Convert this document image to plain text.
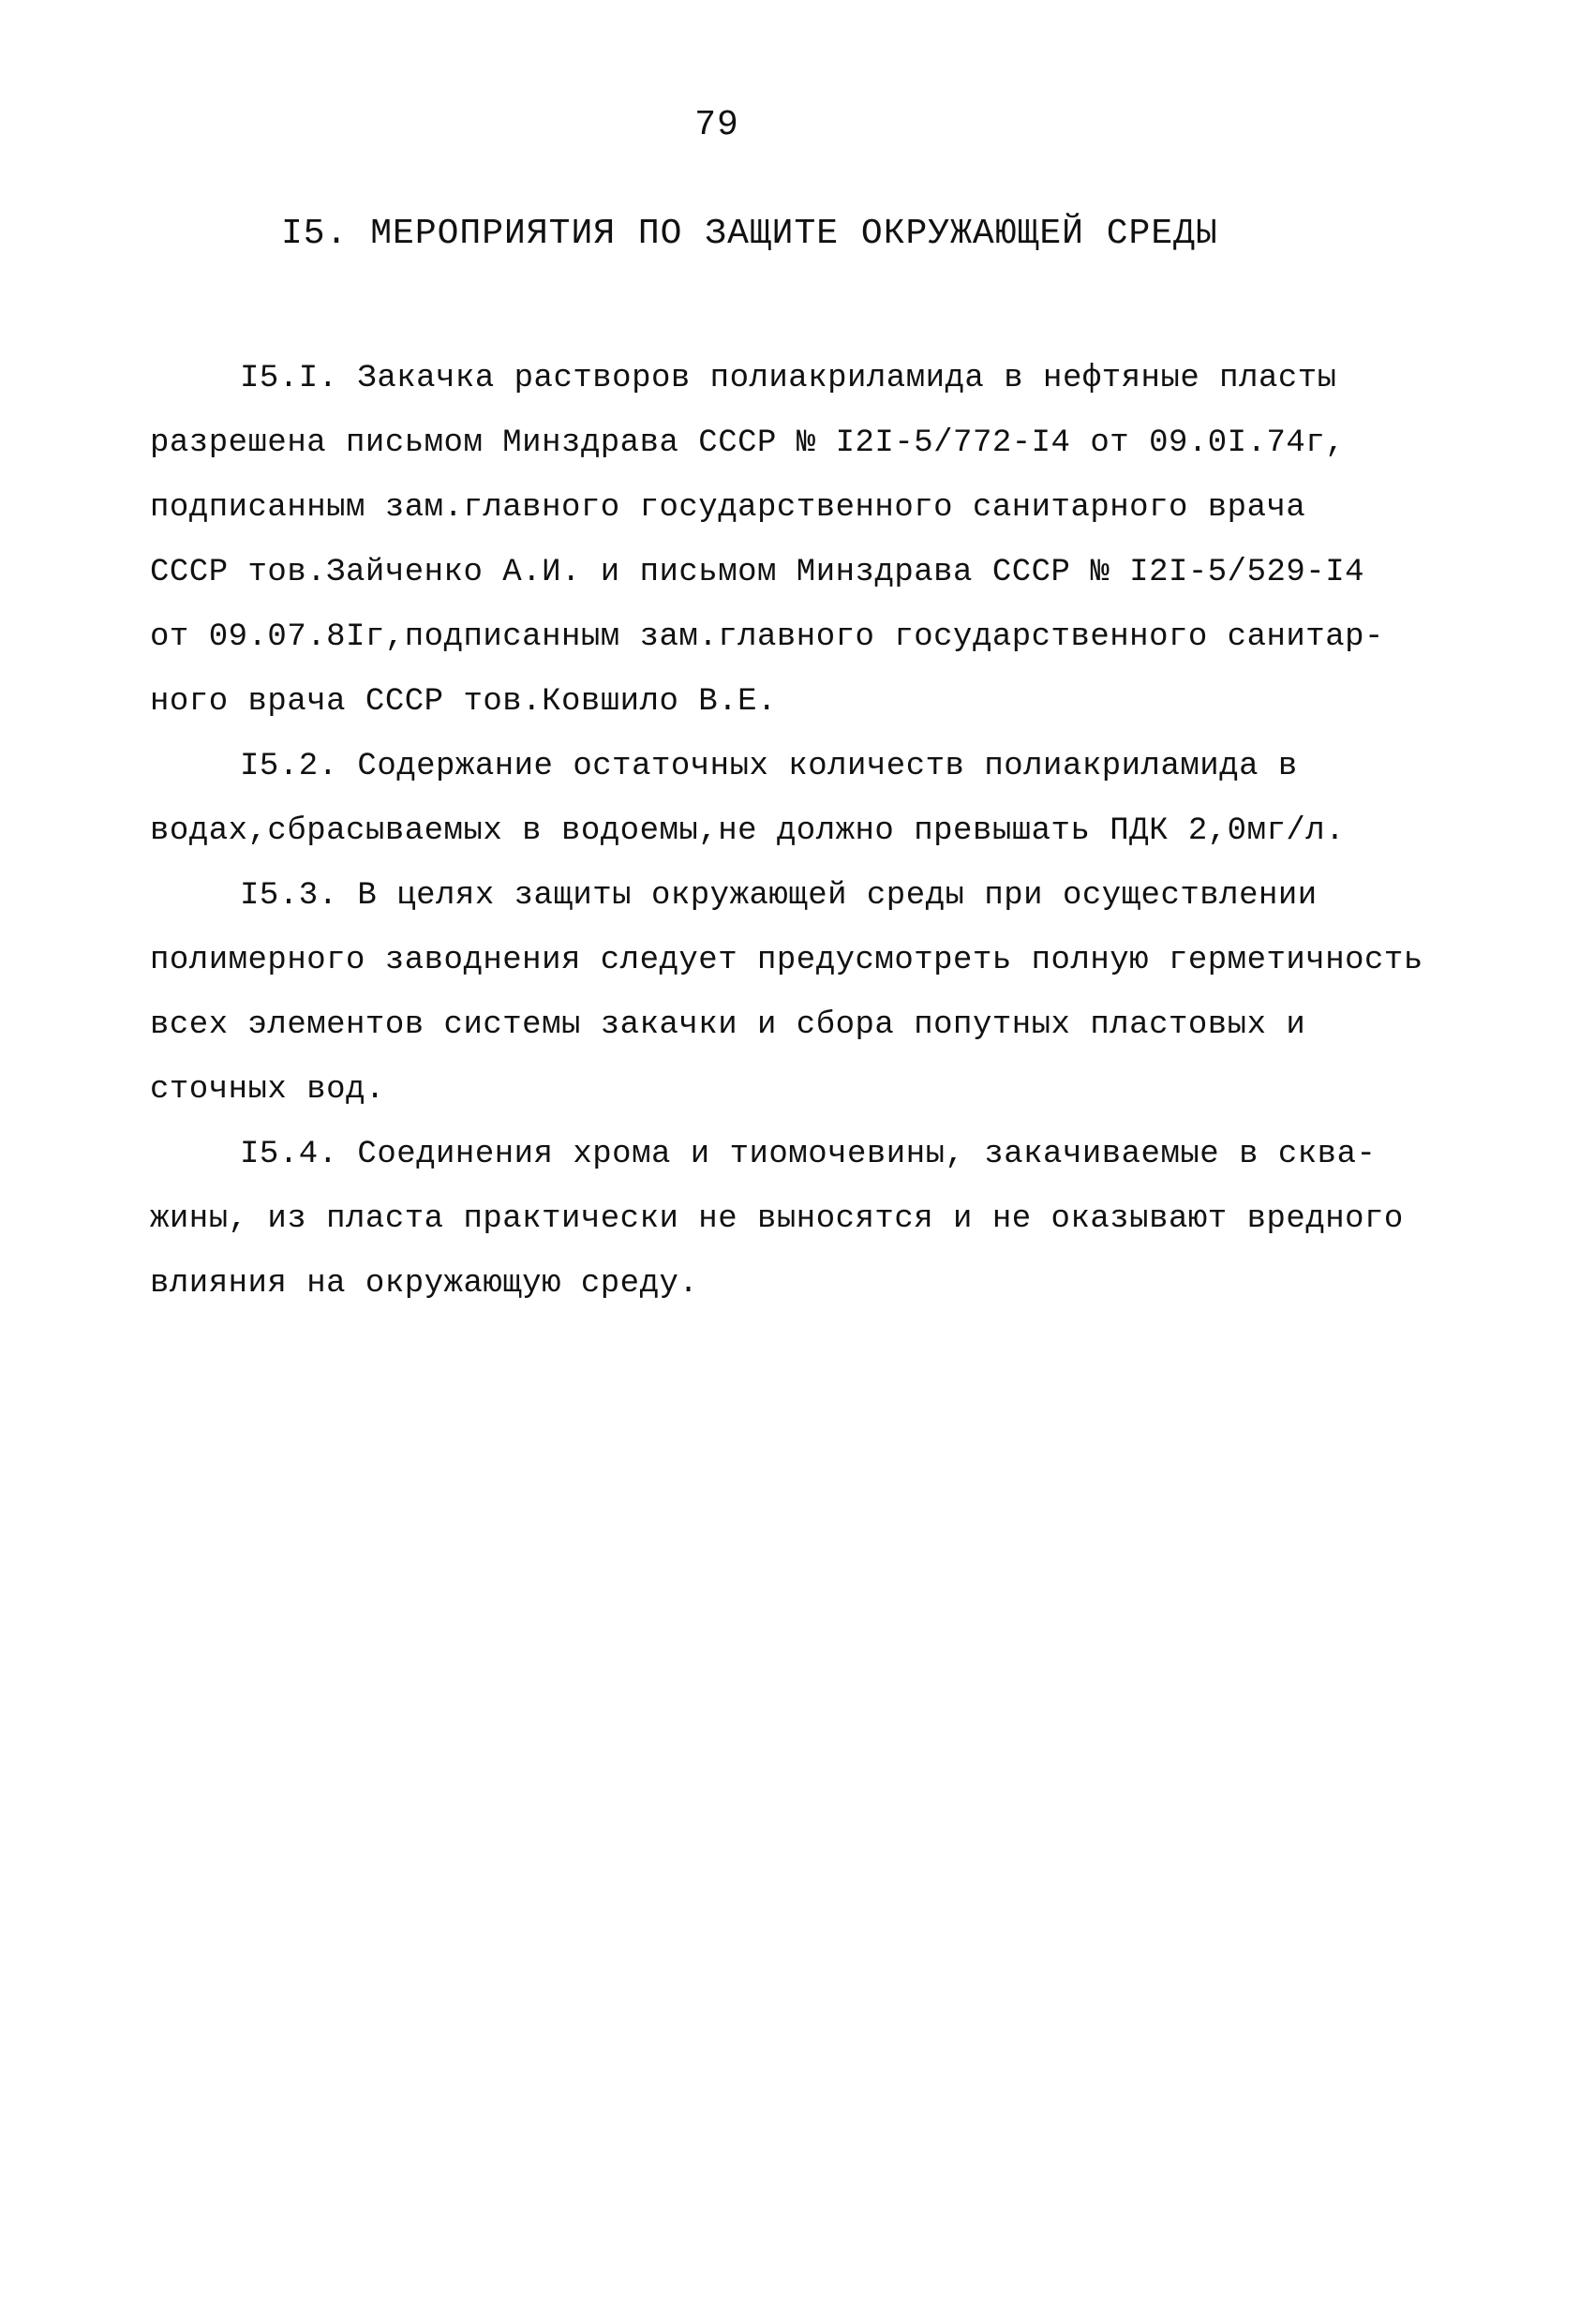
79
I5. МЕРОПРИЯТИЯ ПО ЗАЩИТЕ ОКРУЖАЮЩЕЙ СРЕДЫ
I5.I. Закачка растворов полиакриламида в нефтяные пласты
разрешена письмом Минздрава СССР № I2I-5/772-I4 от 09.0I.74г,
подписанным зам.главного государственного санитарного врача
СССР тов.Зайченко А.И. и письмом Минздрава СССР № I2I-5/529-I4
от 09.07.8Iг,подписанным зам.главного государственного санитар-
ного врача СССР тов.Ковшило В.Е.
I5.2. Содержание остаточных количеств полиакриламида в
водах,сбрасываемых в водоемы,не должно превышать ПДК 2,0мг/л.
I5.3. В целях защиты окружающей среды при осуществлении
полимерного заводнения следует предусмотреть полную герметичность
всех элементов системы закачки и сбора попутных пластовых и
сточных вод.
I5.4. Соединения хрома и тиомочевины, закачиваемые в сква-
жины, из пласта практически не выносятся и не оказывают вредного
влияния на окружающую среду.
